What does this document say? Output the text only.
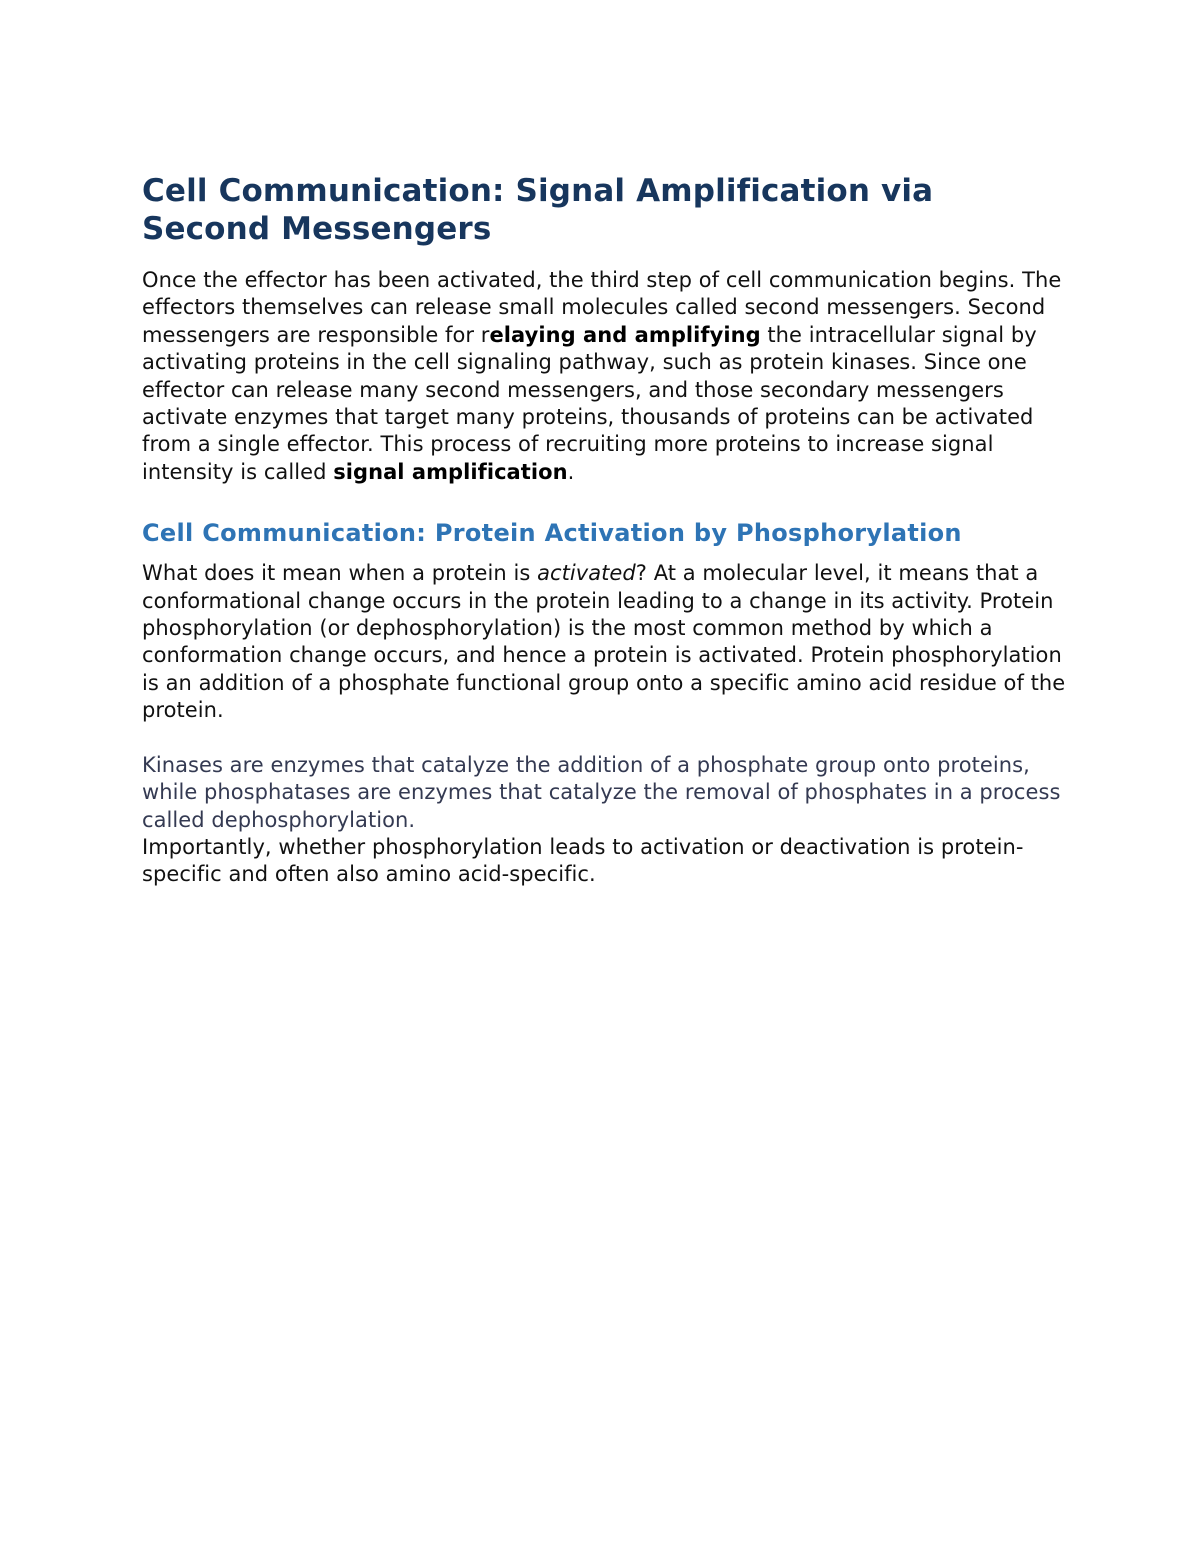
Cell Communication: Signal Amplification via Second Messengers

Once the effector has been activated, the third step of cell communication begins. The effectors themselves can release small molecules called second messengers. Second messengers are responsible for relaying and amplifying the intracellular signal by activating proteins in the cell signaling pathway, such as protein kinases. Since one effector can release many second messengers, and those secondary messengers activate enzymes that target many proteins, thousands of proteins can be activated from a single effector. This process of recruiting more proteins to increase signal intensity is called signal amplification.

Cell Communication: Protein Activation by Phosphorylation

What does it mean when a protein is activated? At a molecular level, it means that a conformational change occurs in the protein leading to a change in its activity. Protein phosphorylation (or dephosphorylation) is the most common method by which a conformation change occurs, and hence a protein is activated. Protein phosphorylation is an addition of a phosphate functional group onto a specific amino acid residue of the protein.

Kinases are enzymes that catalyze the addition of a phosphate group onto proteins, while phosphatases are enzymes that catalyze the removal of phosphates in a process called dephosphorylation.

Importantly, whether phosphorylation leads to activation or deactivation is protein-specific and often also amino acid-specific.
